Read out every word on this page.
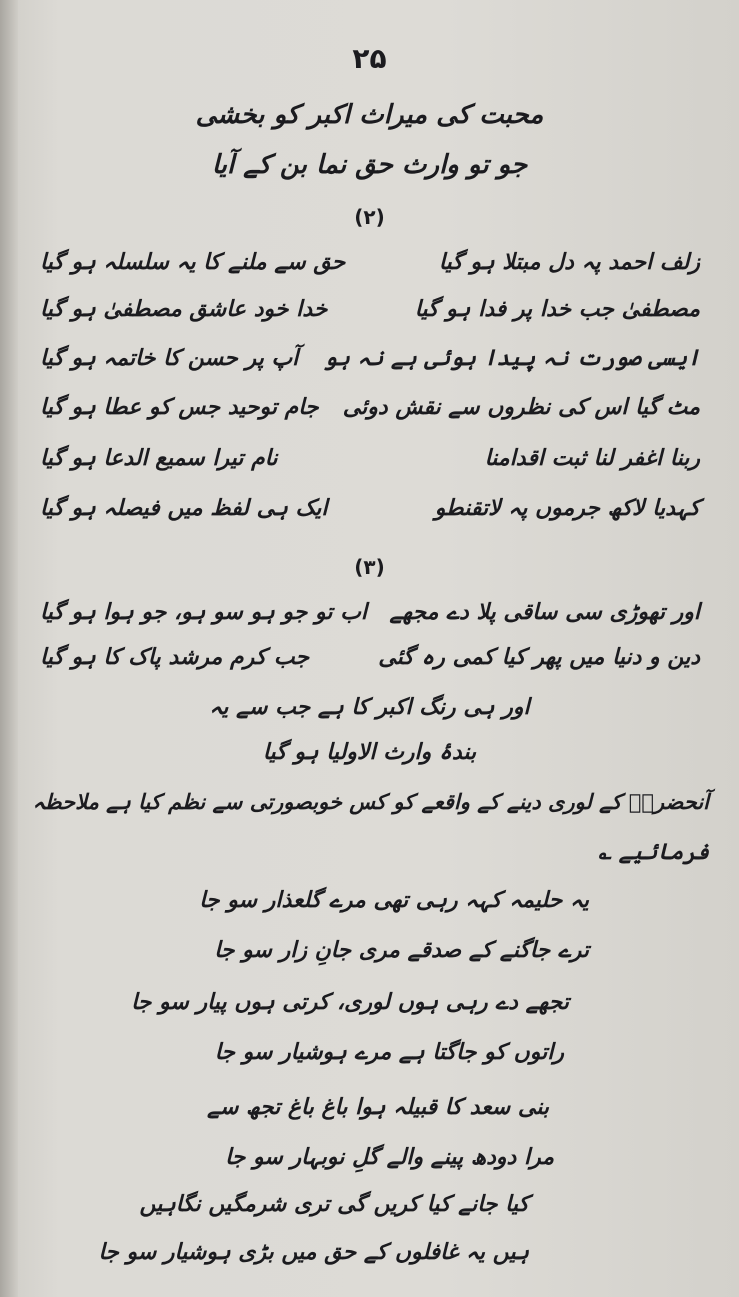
۲۵
محبت کی میراث اکبر کو بخشی
جو تو وارث حق نما بن کے آیا
(۲)
زلف احمد پہ دل مبتلا ہو گیا
حق سے ملنے کا یہ سلسلہ ہو گیا
مصطفیٰ جب خدا پر فدا ہو گیا
خدا خود عاشق مصطفیٰ ہو گیا
ایسی صورت نہ پیدا ہوئی ہے نہ ہو
آپ پر حسن کا خاتمہ ہو گیا
مٹ گیا اس کی نظروں سے نقش دوئی
جام توحید جس کو عطا ہو گیا
ربنا اغفر لنا ثبت اقدامنا
نام تیرا سمیع الدعا ہو گیا
کہدیا لاکھ جرموں پہ لاتقنطو
ایک ہی لفظ میں فیصلہ ہو گیا
(۳)
اور تھوڑی سی ساقی پلا دے مجھے
اب تو جو ہو سو ہو، جو ہوا ہو گیا
دین و دنیا میں پھر کیا کمی رہ گئی
جب کرم مرشد پاک کا ہو گیا
اور ہی رنگ اکبر کا ہے جب سے یہ
بندۂ وارث الاولیا ہو گیا
آنحضرتؐ کے لوری دینے کے واقعے کو کس خوبصورتی سے نظم کیا ہے ملاحظہ
فرمائیے ؎
یہ حلیمہ کہہ رہی تھی مرے گلعذار سو جا
ترے جاگنے کے صدقے مری جانِ زار سو جا
تجھے دے رہی ہوں لوری، کرتی ہوں پیار سو جا
راتوں کو جاگتا ہے مرے ہوشیار سو جا
بنی سعد کا قبیلہ ہوا باغ باغ تجھ سے
مرا دودھ پینے والے گلِ نوبہار سو جا
کیا جانے کیا کریں گی تری شرمگیں نگاہیں
ہیں یہ غافلوں کے حق میں بڑی ہوشیار سو جا
